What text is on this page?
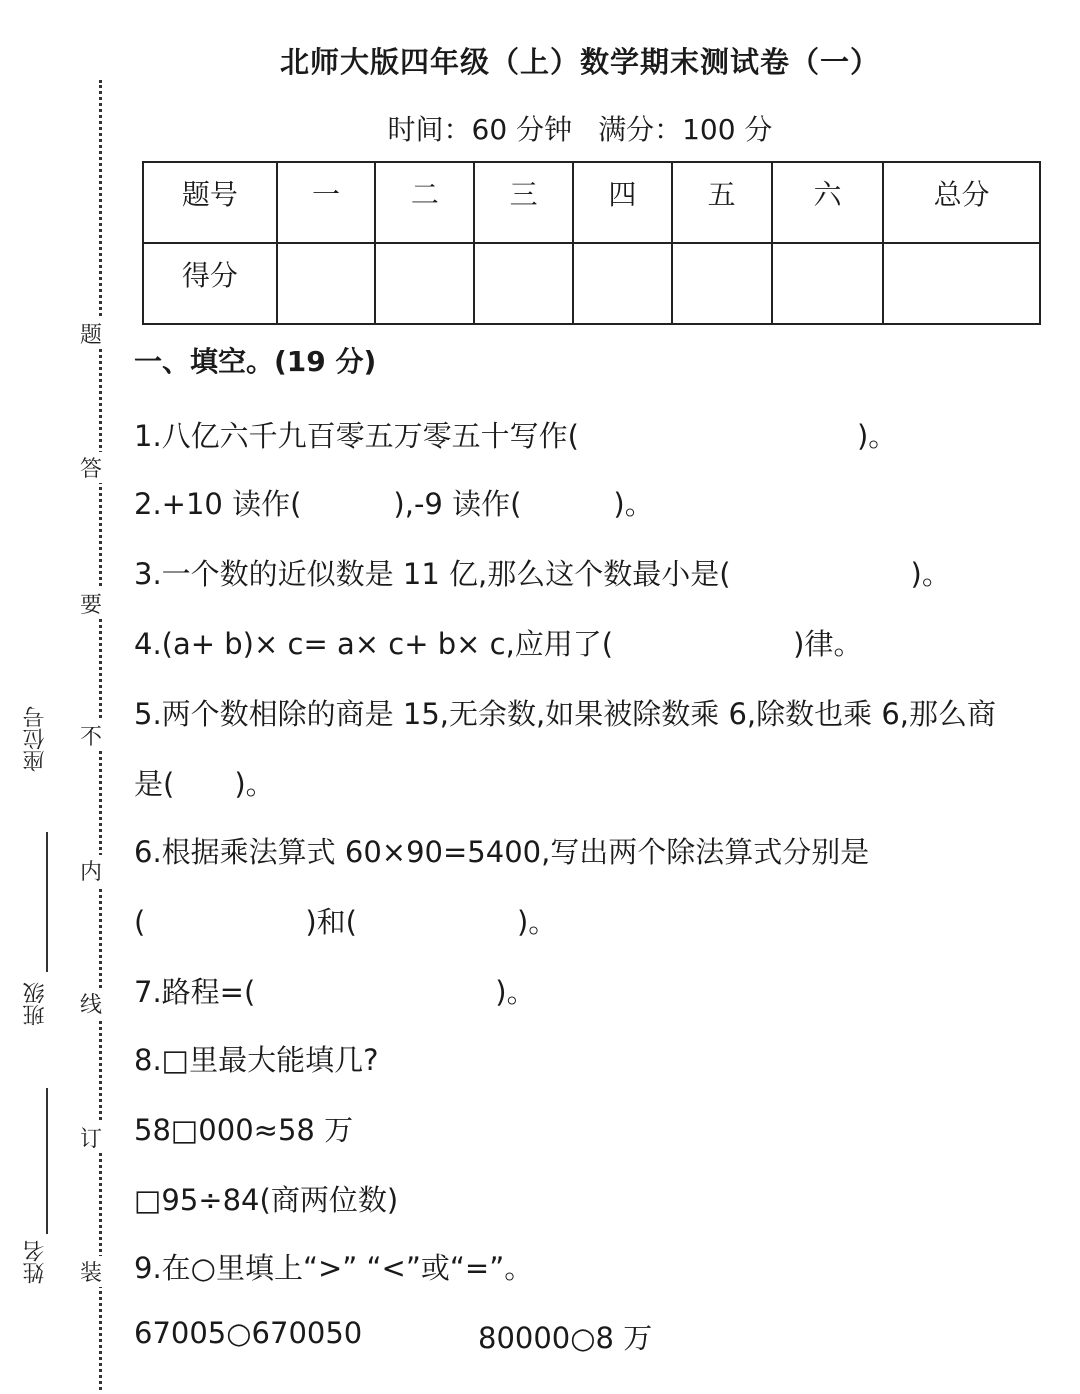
题
答
要
不
内
线
订
装
座位号
班级
姓名
北师大版四年级（上）数学期末测试卷（一）
时间：60 分钟 满分：100 分
题号	一	二	三	四	五	六	总分
得分							
一、填空。(19 分)
1.八亿六千九百零五万零五十写作(	)。
2.+10 读作(	),-9 读作(	)。
3.一个数的近似数是 11 亿,那么这个数最小是(	)。
4.(a+ b)× c= a× c+ b× c,应用了(	)律。
5.两个数相除的商是 15,无余数,如果被除数乘 6,除数也乘 6,那么商
是( )。
6.根据乘法算式 60×90=5400,写出两个除法算式分别是
(	)和(	)。
7.路程=(	)。
8.□里最大能填几?
58□000≈58 万
□95÷84(商两位数)
9.在○里填上“>” “<”或“=”。
67005○670050	80000○8 万
